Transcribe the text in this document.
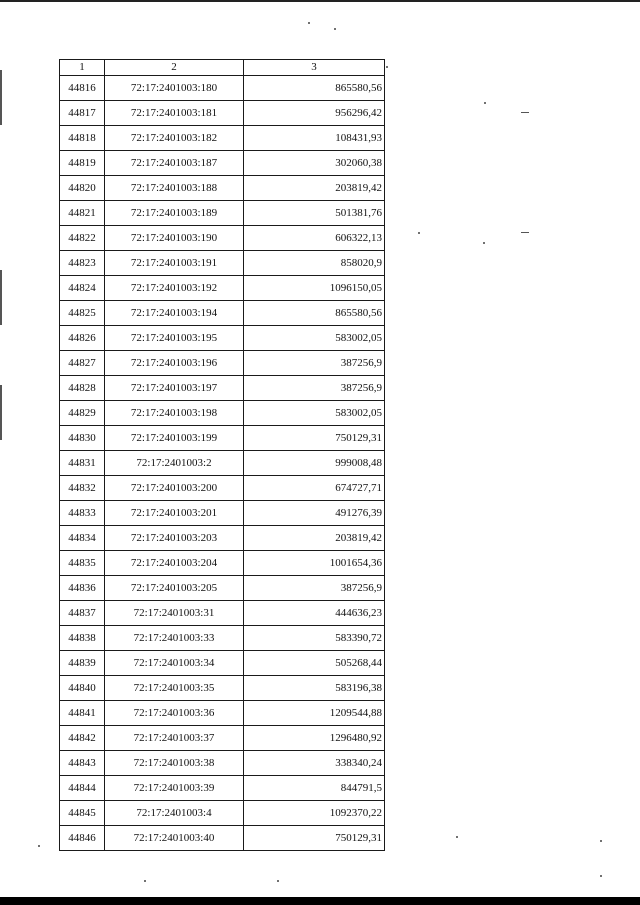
1	2	3
44816	72:17:2401003:180	865580,56
44817	72:17:2401003:181	956296,42
44818	72:17:2401003:182	108431,93
44819	72:17:2401003:187	302060,38
44820	72:17:2401003:188	203819,42
44821	72:17:2401003:189	501381,76
44822	72:17:2401003:190	606322,13
44823	72:17:2401003:191	858020,9
44824	72:17:2401003:192	1096150,05
44825	72:17:2401003:194	865580,56
44826	72:17:2401003:195	583002,05
44827	72:17:2401003:196	387256,9
44828	72:17:2401003:197	387256,9
44829	72:17:2401003:198	583002,05
44830	72:17:2401003:199	750129,31
44831	72:17:2401003:2	999008,48
44832	72:17:2401003:200	674727,71
44833	72:17:2401003:201	491276,39
44834	72:17:2401003:203	203819,42
44835	72:17:2401003:204	1001654,36
44836	72:17:2401003:205	387256,9
44837	72:17:2401003:31	444636,23
44838	72:17:2401003:33	583390,72
44839	72:17:2401003:34	505268,44
44840	72:17:2401003:35	583196,38
44841	72:17:2401003:36	1209544,88
44842	72:17:2401003:37	1296480,92
44843	72:17:2401003:38	338340,24
44844	72:17:2401003:39	844791,5
44845	72:17:2401003:4	1092370,22
44846	72:17:2401003:40	750129,31
